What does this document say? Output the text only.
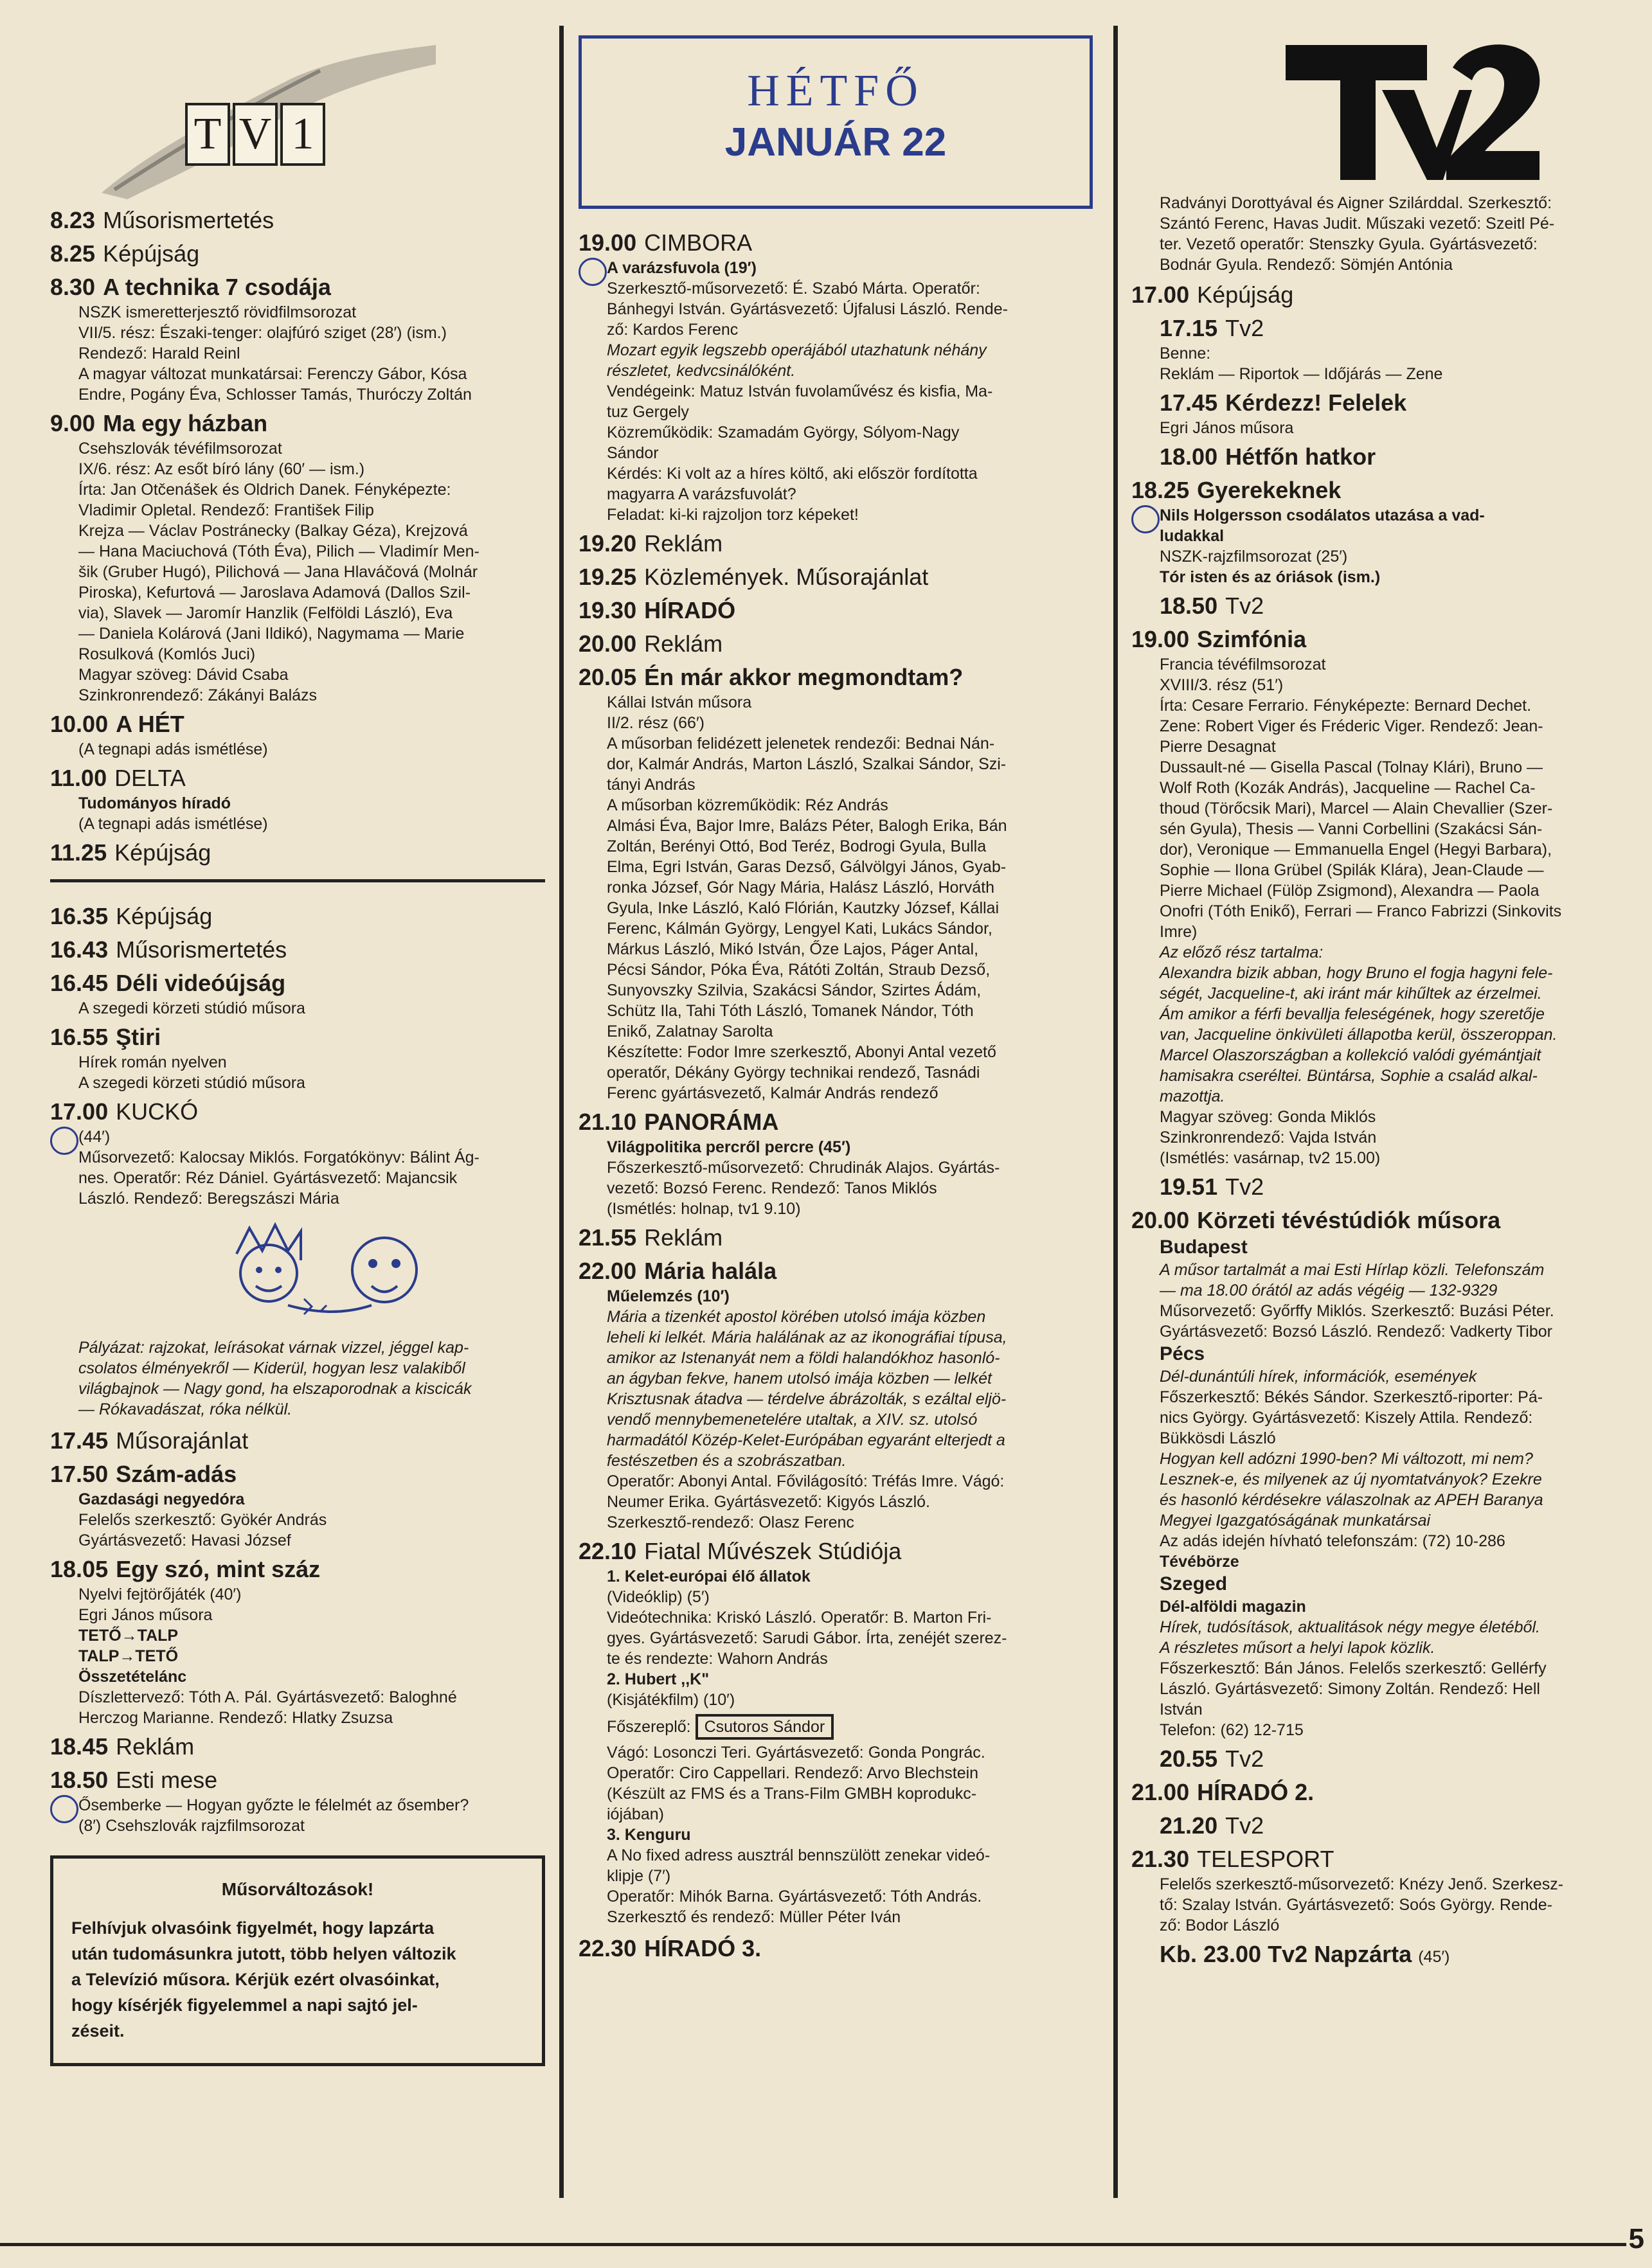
T V 1
8.23 Műsorismertetés
8.25 Képújság
8.30 A technika 7 csodája
NSZK ismeretterjesztő rövidfilmsorozat
VII/5. rész: Északi-tenger: olajfúró sziget (28′) (ism.)
Rendező: Harald Reinl
A magyar változat munkatársai: Ferenczy Gábor, Kósa
Endre, Pogány Éva, Schlosser Tamás, Thuróczy Zoltán
9.00 Ma egy házban
Csehszlovák tévéfilmsorozat
IX/6. rész: Az esőt bíró lány (60′ — ism.)
Írta: Jan Otčenášek és Oldrich Danek. Fényképezte:
Vladimir Opletal. Rendező: František Filip
Krejza — Václav Postránecky (Balkay Géza), Krejzová
— Hana Maciuchová (Tóth Éva), Pilich — Vladimír Men-
šik (Gruber Hugó), Pilichová — Jana Hlaváčová (Molnár
Piroska), Kefurtová — Jaroslava Adamová (Dallos Szil-
via), Slavek — Jaromír Hanzlik (Felföldi László), Eva
— Daniela Kolárová (Jani Ildikó), Nagymama — Marie
Rosulková (Komlós Juci)
Magyar szöveg: Dávid Csaba
Szinkronrendező: Zákányi Balázs
10.00 A HÉT
(A tegnapi adás ismétlése)
11.00 DELTA
Tudományos híradó
(A tegnapi adás ismétlése)
11.25 Képújság
16.35 Képújság
16.43 Műsorismertetés
16.45 Déli videóújság
A szegedi körzeti stúdió műsora
16.55 Ştiri
Hírek román nyelven
A szegedi körzeti stúdió műsora
17.00 KUCKÓ
(44′)
Műsorvezető: Kalocsay Miklós. Forgatókönyv: Bálint Ág-
nes. Operatőr: Réz Dániel. Gyártásvezető: Majancsik
László. Rendező: Beregszászi Mária
Pályázat: rajzokat, leírásokat várnak vizzel, jéggel kap-
csolatos élményekről — Kiderül, hogyan lesz valakiből
világbajnok — Nagy gond, ha elszaporodnak a kiscicák
— Rókavadászat, róka nélkül.
17.45 Műsorajánlat
17.50 Szám-adás
Gazdasági negyedóra
Felelős szerkesztő: Gyökér András
Gyártásvezető: Havasi József
18.05 Egy szó, mint száz
Nyelvi fejtörőjáték (40′)
Egri János műsora
TETŐ→TALP
TALP→TETŐ
Összetételánc
Díszlettervező: Tóth A. Pál. Gyártásvezető: Baloghné
Herczog Marianne. Rendező: Hlatky Zsuzsa
18.45 Reklám
18.50 Esti mese
Ősemberke — Hogyan győzte le félelmét az ősember?
(8′) Csehszlovák rajzfilmsorozat
Műsorváltozások!
Felhívjuk olvasóink figyelmét, hogy lapzárta
után tudomásunkra jutott, több helyen változik
a Televízió műsora. Kérjük ezért olvasóinkat,
hogy kísérjék figyelemmel a napi sajtó jel-
zéseit.
HÉTFŐ
JANUÁR 22
19.00 CIMBORA
A varázsfuvola (19′)
Szerkesztő-műsorvezető: É. Szabó Márta. Operatőr:
Bánhegyi István. Gyártásvezető: Újfalusi László. Rende-
ző: Kardos Ferenc
Mozart egyik legszebb operájából utazhatunk néhány
részletet, kedvcsinálóként.
Vendégeink: Matuz István fuvolaművész és kisfia, Ma-
tuz Gergely
Közreműködik: Szamadám György, Sólyom-Nagy
Sándor
Kérdés: Ki volt az a híres költő, aki először fordította
magyarra A varázsfuvolát?
Feladat: ki-ki rajzoljon torz képeket!
19.20 Reklám
19.25 Közlemények. Műsorajánlat
19.30 HÍRADÓ
20.00 Reklám
20.05 Én már akkor megmondtam?
Kállai István műsora
II/2. rész (66′)
A műsorban felidézett jelenetek rendezői: Bednai Nán-
dor, Kalmár András, Marton László, Szalkai Sándor, Szi-
tányi András
A műsorban közreműködik: Réz András
Almási Éva, Bajor Imre, Balázs Péter, Balogh Erika, Bán
Zoltán, Berényi Ottó, Bod Teréz, Bodrogi Gyula, Bulla
Elma, Egri István, Garas Dezső, Gálvölgyi János, Gyab-
ronka József, Gór Nagy Mária, Halász László, Horváth
Gyula, Inke László, Kaló Flórián, Kautzky József, Kállai
Ferenc, Kálmán György, Lengyel Kati, Lukács Sándor,
Márkus László, Mikó István, Őze Lajos, Páger Antal,
Pécsi Sándor, Póka Éva, Rátóti Zoltán, Straub Dezső,
Sunyovszky Szilvia, Szakácsi Sándor, Szirtes Ádám,
Schütz Ila, Tahi Tóth László, Tomanek Nándor, Tóth
Enikő, Zalatnay Sarolta
Készítette: Fodor Imre szerkesztő, Abonyi Antal vezető
operatőr, Dékány György technikai rendező, Tasnádi
Ferenc gyártásvezető, Kalmár András rendező
21.10 PANORÁMA
Világpolitika percről percre (45′)
Főszerkesztő-műsorvezető: Chrudinák Alajos. Gyártás-
vezető: Bozsó Ferenc. Rendező: Tanos Miklós
(Ismétlés: holnap, tv1 9.10)
21.55 Reklám
22.00 Mária halála
Műelemzés (10′)
Mária a tizenkét apostol körében utolsó imája közben
leheli ki lelkét. Mária halálának az az ikonográfiai típusa,
amikor az Istenanyát nem a földi halandókhoz hasonló-
an ágyban fekve, hanem utolsó imája közben — lelkét
Krisztusnak átadva — térdelve ábrázolták, s ezáltal eljö-
vendő mennybemenetelére utaltak, a XIV. sz. utolsó
harmadától Közép-Kelet-Európában egyaránt elterjedt a
festészetben és a szobrászatban.
Operatőr: Abonyi Antal. Fővilágosító: Tréfás Imre. Vágó:
Neumer Erika. Gyártásvezető: Kigyós László.
Szerkesztő-rendező: Olasz Ferenc
22.10 Fiatal Művészek Stúdiója
1. Kelet-európai élő állatok
(Videóklip) (5′)
Videótechnika: Kriskó László. Operatőr: B. Marton Fri-
gyes. Gyártásvezető: Sarudi Gábor. Írta, zenéjét szerez-
te és rendezte: Wahorn András
2. Hubert ,,K"
(Kisjátékfilm) (10′)
Főszereplő: Csutoros Sándor
Vágó: Losonczi Teri. Gyártásvezető: Gonda Pongrác.
Operatőr: Ciro Cappellari. Rendező: Arvo Blechstein
(Készült az FMS és a Trans-Film GMBH koprodukc-
iójában)
3. Kenguru
A No fixed adress ausztrál bennszülött zenekar videó-
klipje (7′)
Operatőr: Mihók Barna. Gyártásvezető: Tóth András.
Szerkesztő és rendező: Müller Péter Iván
22.30 HÍRADÓ 3.
Radványi Dorottyával és Aigner Szilárddal. Szerkesztő:
Szántó Ferenc, Havas Judit. Műszaki vezető: Szeitl Pé-
ter. Vezető operatőr: Stenszky Gyula. Gyártásvezető:
Bodnár Gyula. Rendező: Sömjén Antónia
17.00 Képújság
17.15 Tv2
Benne:
Reklám — Riportok — Időjárás — Zene
17.45 Kérdezz! Felelek
Egri János műsora
18.00 Hétfőn hatkor
18.25 Gyerekeknek
Nils Holgersson csodálatos utazása a vad-
ludakkal
NSZK-rajzfilmsorozat (25′)
Tór isten és az óriások (ism.)
18.50 Tv2
19.00 Szimfónia
Francia tévéfilmsorozat
XVIII/3. rész (51′)
Írta: Cesare Ferrario. Fényképezte: Bernard Dechet.
Zene: Robert Viger és Fréderic Viger. Rendező: Jean-
Pierre Desagnat
Dussault-né — Gisella Pascal (Tolnay Klári), Bruno —
Wolf Roth (Kozák András), Jacqueline — Rachel Ca-
thoud (Törőcsik Mari), Marcel — Alain Chevallier (Szer-
sén Gyula), Thesis — Vanni Corbellini (Szakácsi Sán-
dor), Veronique — Emmanuella Engel (Hegyi Barbara),
Sophie — Ilona Grübel (Spilák Klára), Jean-Claude —
Pierre Michael (Fülöp Zsigmond), Alexandra — Paola
Onofri (Tóth Enikő), Ferrari — Franco Fabrizzi (Sinkovits
Imre)
Az előző rész tartalma:
Alexandra bizik abban, hogy Bruno el fogja hagyni fele-
ségét, Jacqueline-t, aki iránt már kihűltek az érzelmei.
Ám amikor a férfi bevallja feleségének, hogy szeretője
van, Jacqueline önkivületi állapotba kerül, összeroppan.
Marcel Olaszországban a kollekció valódi gyémántjait
hamisakra cseréltei. Büntársa, Sophie a család alkal-
mazottja.
Magyar szöveg: Gonda Miklós
Szinkronrendező: Vajda István
(Ismétlés: vasárnap, tv2 15.00)
19.51 Tv2
20.00 Körzeti tévéstúdiók műsora
Budapest
A műsor tartalmát a mai Esti Hírlap közli. Telefonszám
— ma 18.00 órától az adás végéig — 132-9329
Műsorvezető: Győrffy Miklós. Szerkesztő: Buzási Péter.
Gyártásvezető: Bozsó László. Rendező: Vadkerty Tibor
Pécs
Dél-dunántúli hírek, információk, események
Főszerkesztő: Békés Sándor. Szerkesztő-riporter: Pá-
nics György. Gyártásvezető: Kiszely Attila. Rendező:
Bükkösdi László
Hogyan kell adózni 1990-ben? Mi változott, mi nem?
Lesznek-e, és milyenek az új nyomtatványok? Ezekre
és hasonló kérdésekre válaszolnak az APEH Baranya
Megyei Igazgatóságának munkatársai
Az adás idején hívható telefonszám: (72) 10-286
Tévébörze
Szeged
Dél-alföldi magazin
Hírek, tudósítások, aktualitások négy megye életéből.
A részletes műsort a helyi lapok közlik.
Főszerkesztő: Bán János. Felelős szerkesztő: Gellérfy
László. Gyártásvezető: Simony Zoltán. Rendező: Hell
István
Telefon: (62) 12-715
20.55 Tv2
21.00 HÍRADÓ 2.
21.20 Tv2
21.30 TELESPORT
Felelős szerkesztő-műsorvezető: Knézy Jenő. Szerkesz-
tő: Szalay István. Gyártásvezető: Soós György. Rende-
ző: Bodor László
Kb. 23.00 Tv2 Napzárta (45′)
5
